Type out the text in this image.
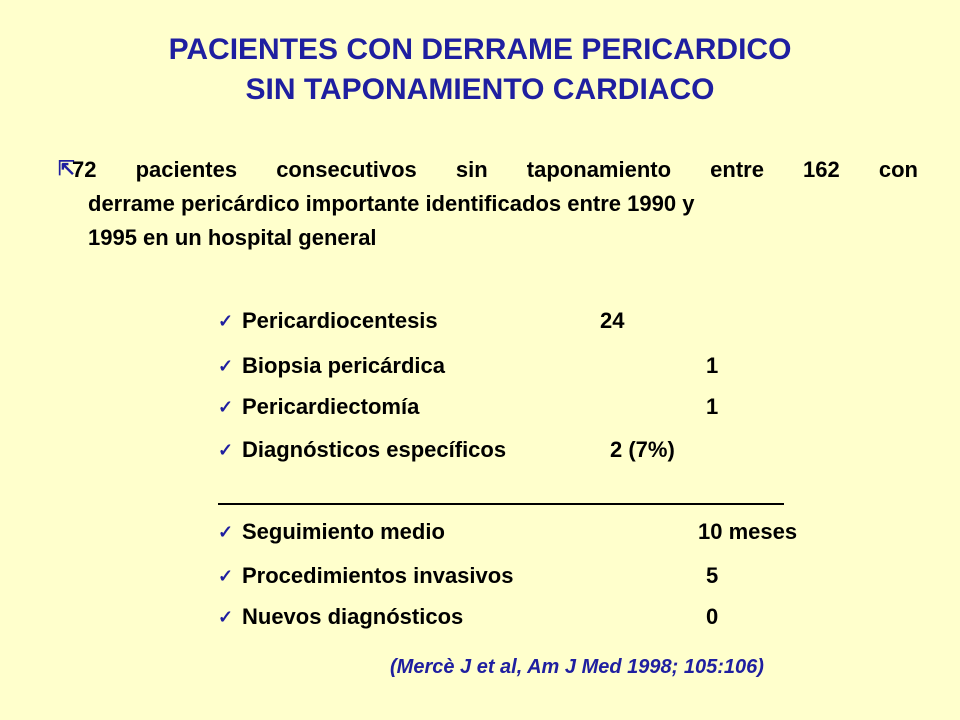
PACIENTES CON DERRAME PERICARDICO
SIN TAPONAMIENTO CARDIACO
⇱
72 pacientes consecutivos sin taponamiento entre 162 con
derrame pericárdico importante identificados entre 1990 y
1995 en un hospital general
✓ Pericardiocentesis	24
✓ Biopsia pericárdica	1
✓ Pericardiectomía	1
✓ Diagnósticos específicos	2 (7%)
✓ Seguimiento medio	10 meses
✓ Procedimientos invasivos	5
✓ Nuevos diagnósticos	0
(Mercè J et al, Am J Med 1998; 105:106)
